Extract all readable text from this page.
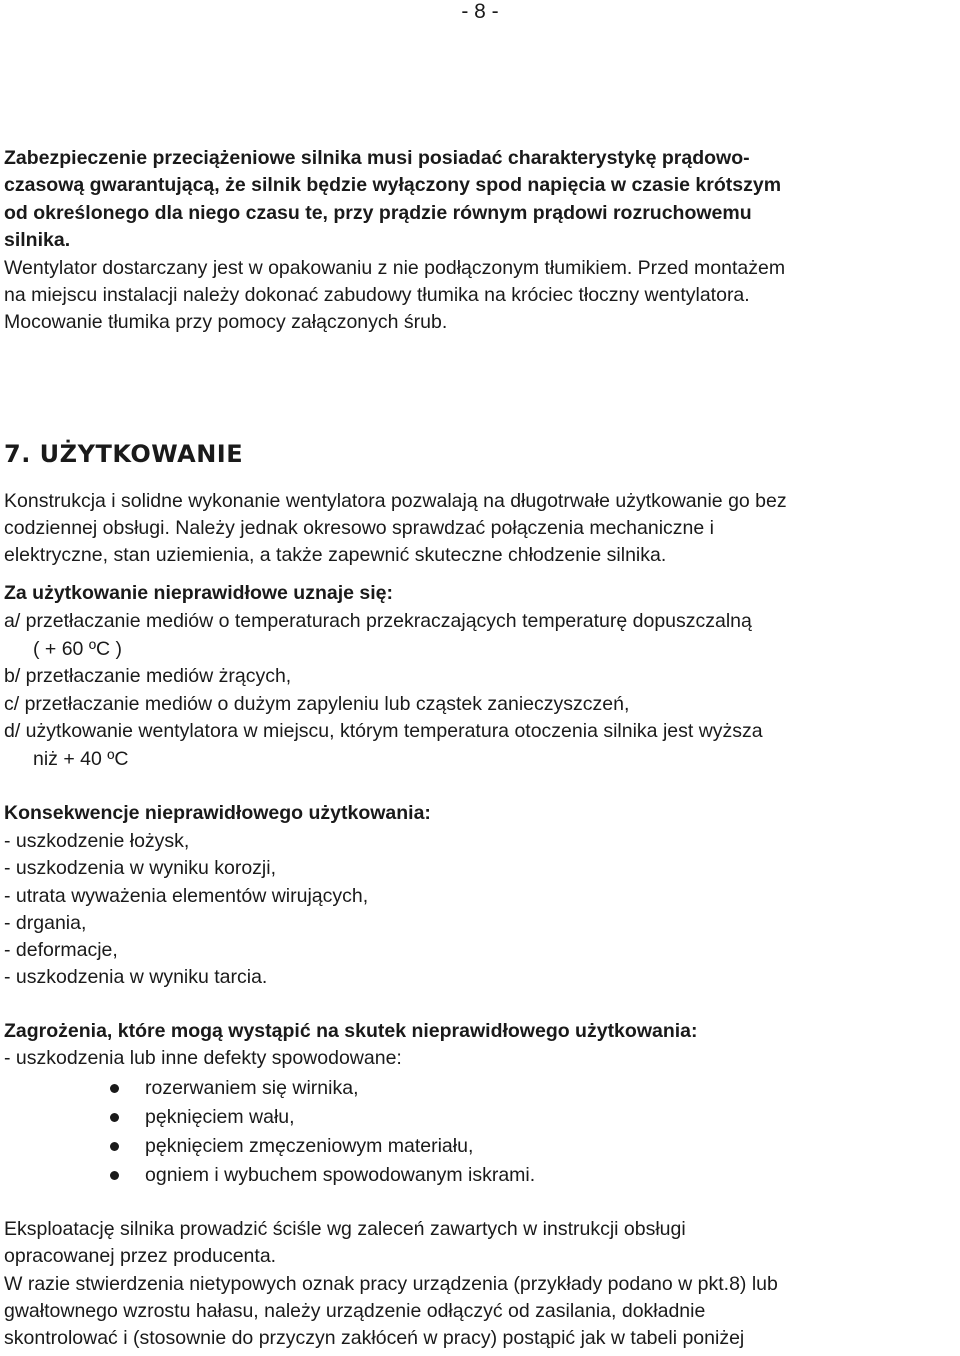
- 8 -

Zabezpieczenie przeciążeniowe silnika musi posiadać charakterystykę prądowo-

czasową gwarantującą, że silnik będzie wyłączony spod napięcia w czasie krótszym

od określonego dla niego czasu te, przy prądzie równym prądowi rozruchowemu

silnika.

Wentylator dostarczany jest w opakowaniu z nie podłączonym tłumikiem. Przed montażem

na miejscu instalacji należy dokonać zabudowy tłumika na króciec tłoczny wentylatora.

Mocowanie tłumika przy pomocy załączonych śrub.

7. UŻYTKOWANIE

Konstrukcja i solidne wykonanie wentylatora pozwalają na długotrwałe użytkowanie go bez

codziennej obsługi. Należy jednak okresowo sprawdzać połączenia mechaniczne i

elektryczne, stan uziemienia, a także zapewnić skuteczne chłodzenie silnika.

Za użytkowanie nieprawidłowe uznaje się:

a/ przetłaczanie mediów o temperaturach przekraczających temperaturę dopuszczalną

( + 60 ºC )

b/ przetłaczanie mediów żrących,

c/ przetłaczanie mediów o dużym zapyleniu lub cząstek zanieczyszczeń,

d/ użytkowanie wentylatora w miejscu, którym temperatura otoczenia silnika jest wyższa

niż + 40 ºC

Konsekwencje nieprawidłowego użytkowania:

- uszkodzenie łożysk,

- uszkodzenia w wyniku korozji,

- utrata wyważenia elementów wirujących,

- drgania,

- deformacje,

- uszkodzenia w wyniku tarcia.

Zagrożenia, które mogą wystąpić na skutek nieprawidłowego użytkowania:

- uszkodzenia lub inne defekty spowodowane:

rozerwaniem się wirnika,
pęknięciem wału,
pęknięciem zmęczeniowym materiału,
ogniem i wybuchem spowodowanym iskrami.

Eksploatację silnika prowadzić ściśle wg zaleceń zawartych w instrukcji obsługi

opracowanej przez producenta.

W razie stwierdzenia nietypowych oznak pracy urządzenia (przykłady podano w pkt.8) lub

gwałtownego wzrostu hałasu, należy urządzenie odłączyć od zasilania, dokładnie

skontrolować i (stosownie do przyczyn zakłóceń w pracy) postąpić jak w tabeli poniżej
